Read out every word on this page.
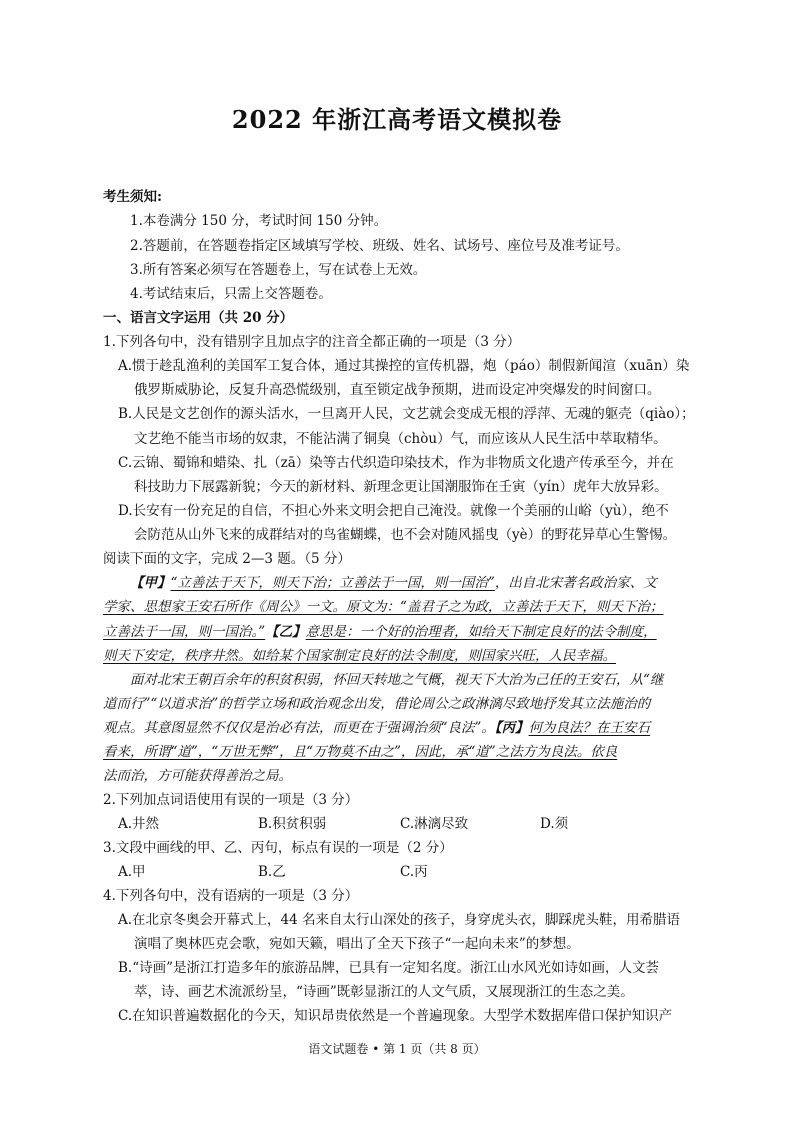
2022 年浙江高考语文模拟卷
考生须知:
1.本卷满分 150 分，考试时间 150 分钟。
2.答题前，在答题卷指定区域填写学校、班级、姓名、试场号、座位号及准考证号。
3.所有答案必须写在答题卷上，写在试卷上无效。
4.考试结束后，只需上交答题卷。
一、语言文字运用（共 20 分）
1.下列各句中，没有错别字且加点字的注音全都正确的一项是（3 分）
A.惯于趁乱渔利的美国军工复合体，通过其操控的宣传机器，炮（páo）制假新闻渲（xuān）染
俄罗斯威胁论，反复升高恐慌级别，直至锁定战争预期，进而设定冲突爆发的时间窗口。
B.人民是文艺创作的源头活水，一旦离开人民，文艺就会变成无根的浮萍、无魂的躯壳（qiào）；
文艺绝不能当市场的奴隶，不能沾满了铜臭（chòu）气，而应该从人民生活中萃取精华。
C.云锦、蜀锦和蜡染、扎（zā）染等古代织造印染技术，作为非物质文化遗产传承至今，并在
科技助力下展露新貌；今天的新材料、新理念更让国潮服饰在壬寅（yín）虎年大放异彩。
D.长安有一份充足的自信，不担心外来文明会把自己淹没。就像一个美丽的山峪（yù），绝不
会防范从山外飞来的成群结对的鸟雀蝴蝶，也不会对随风摇曳（yè）的野花异草心生警惕。
阅读下面的文字，完成 2—3 题。（5 分）
【甲】“立善法于天下，则天下治；立善法于一国，则一国治”，出自北宋著名政治家、文
学家、思想家王安石所作《周公》一文。原文为：“盖君子之为政，立善法于天下，则天下治；
立善法于一国，则一国治。”【乙】意思是：一个好的治理者，如给天下制定良好的法令制度，
则天下安定，秩序井然。如给某个国家制定良好的法令制度，则国家兴旺，人民幸福。
面对北宋王朝百余年的积贫积弱，怀回天转地之气概，视天下大治为己任的王安石，从“继
道而行”“以道求治”的哲学立场和政治观念出发，借论周公之政淋漓尽致地抒发其立法施治的
观点。其意图显然不仅仅是治必有法，而更在于强调治须“良法”。【丙】何为良法？在王安石
看来，所谓“道”，“万世无弊”，且“万物莫不由之”，因此，承“道”之法方为良法。依良
法而治，方可能获得善治之局。
2.下列加点词语使用有误的一项是（3 分）
A.井然	B.积贫积弱	C.淋漓尽致	D.须
3.文段中画线的甲、乙、丙句，标点有误的一项是（2 分）
A.甲	B.乙	C.丙
4.下列各句中，没有语病的一项是（3 分）
A.在北京冬奥会开幕式上，44 名来自太行山深处的孩子，身穿虎头衣，脚踩虎头鞋，用希腊语
演唱了奥林匹克会歌，宛如天籁，唱出了全天下孩子“一起向未来”的梦想。
B.“诗画”是浙江打造多年的旅游品牌，已具有一定知名度。浙江山水风光如诗如画，人文荟
萃，诗、画艺术流派纷呈，“诗画”既彰显浙江的人文气质，又展现浙江的生态之美。
C.在知识普遍数据化的今天，知识昂贵依然是一个普遍现象。大型学术数据库借口保护知识产
语文试题卷 • 第 1 页（共 8 页）
